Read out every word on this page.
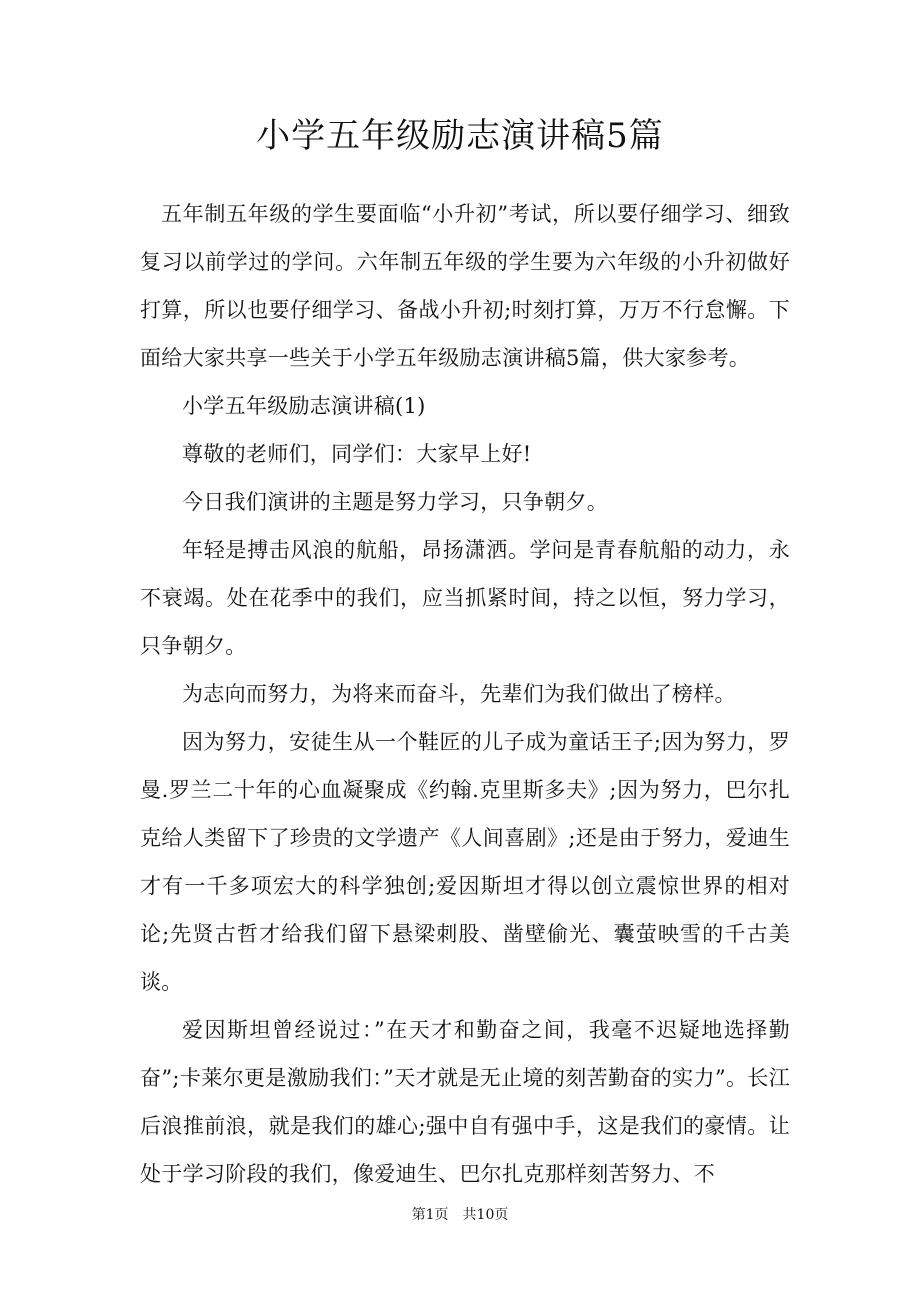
小学五年级励志演讲稿5篇

五年制五年级的学生要面临“小升初”考试，所以要仔细学习、细致复习以前学过的学问。六年制五年级的学生要为六年级的小升初做好打算，所以也要仔细学习、备战小升初;时刻打算，万万不行怠懈。下面给大家共享一些关于小学五年级励志演讲稿5篇，供大家参考。

小学五年级励志演讲稿(1)

尊敬的老师们，同学们：大家早上好!

今日我们演讲的主题是努力学习，只争朝夕。

年轻是搏击风浪的航船，昂扬潇洒。学问是青春航船的动力，永不衰竭。处在花季中的我们，应当抓紧时间，持之以恒，努力学习，只争朝夕。

为志向而努力，为将来而奋斗，先辈们为我们做出了榜样。

因为努力，安徒生从一个鞋匠的儿子成为童话王子;因为努力，罗曼.罗兰二十年的心血凝聚成《约翰.克里斯多夫》;因为努力，巴尔扎克给人类留下了珍贵的文学遗产《人间喜剧》;还是由于努力，爱迪生才有一千多项宏大的科学独创;爱因斯坦才得以创立震惊世界的相对论;先贤古哲才给我们留下悬梁刺股、凿壁偷光、囊萤映雪的千古美谈。

爱因斯坦曾经说过：”在天才和勤奋之间，我毫不迟疑地选择勤奋”;卡莱尔更是激励我们：”天才就是无止境的刻苦勤奋的实力”。长江后浪推前浪，就是我们的雄心;强中自有强中手，这是我们的豪情。让处于学习阶段的我们，像爱迪生、巴尔扎克那样刻苦努力、不

第1页 共10页
